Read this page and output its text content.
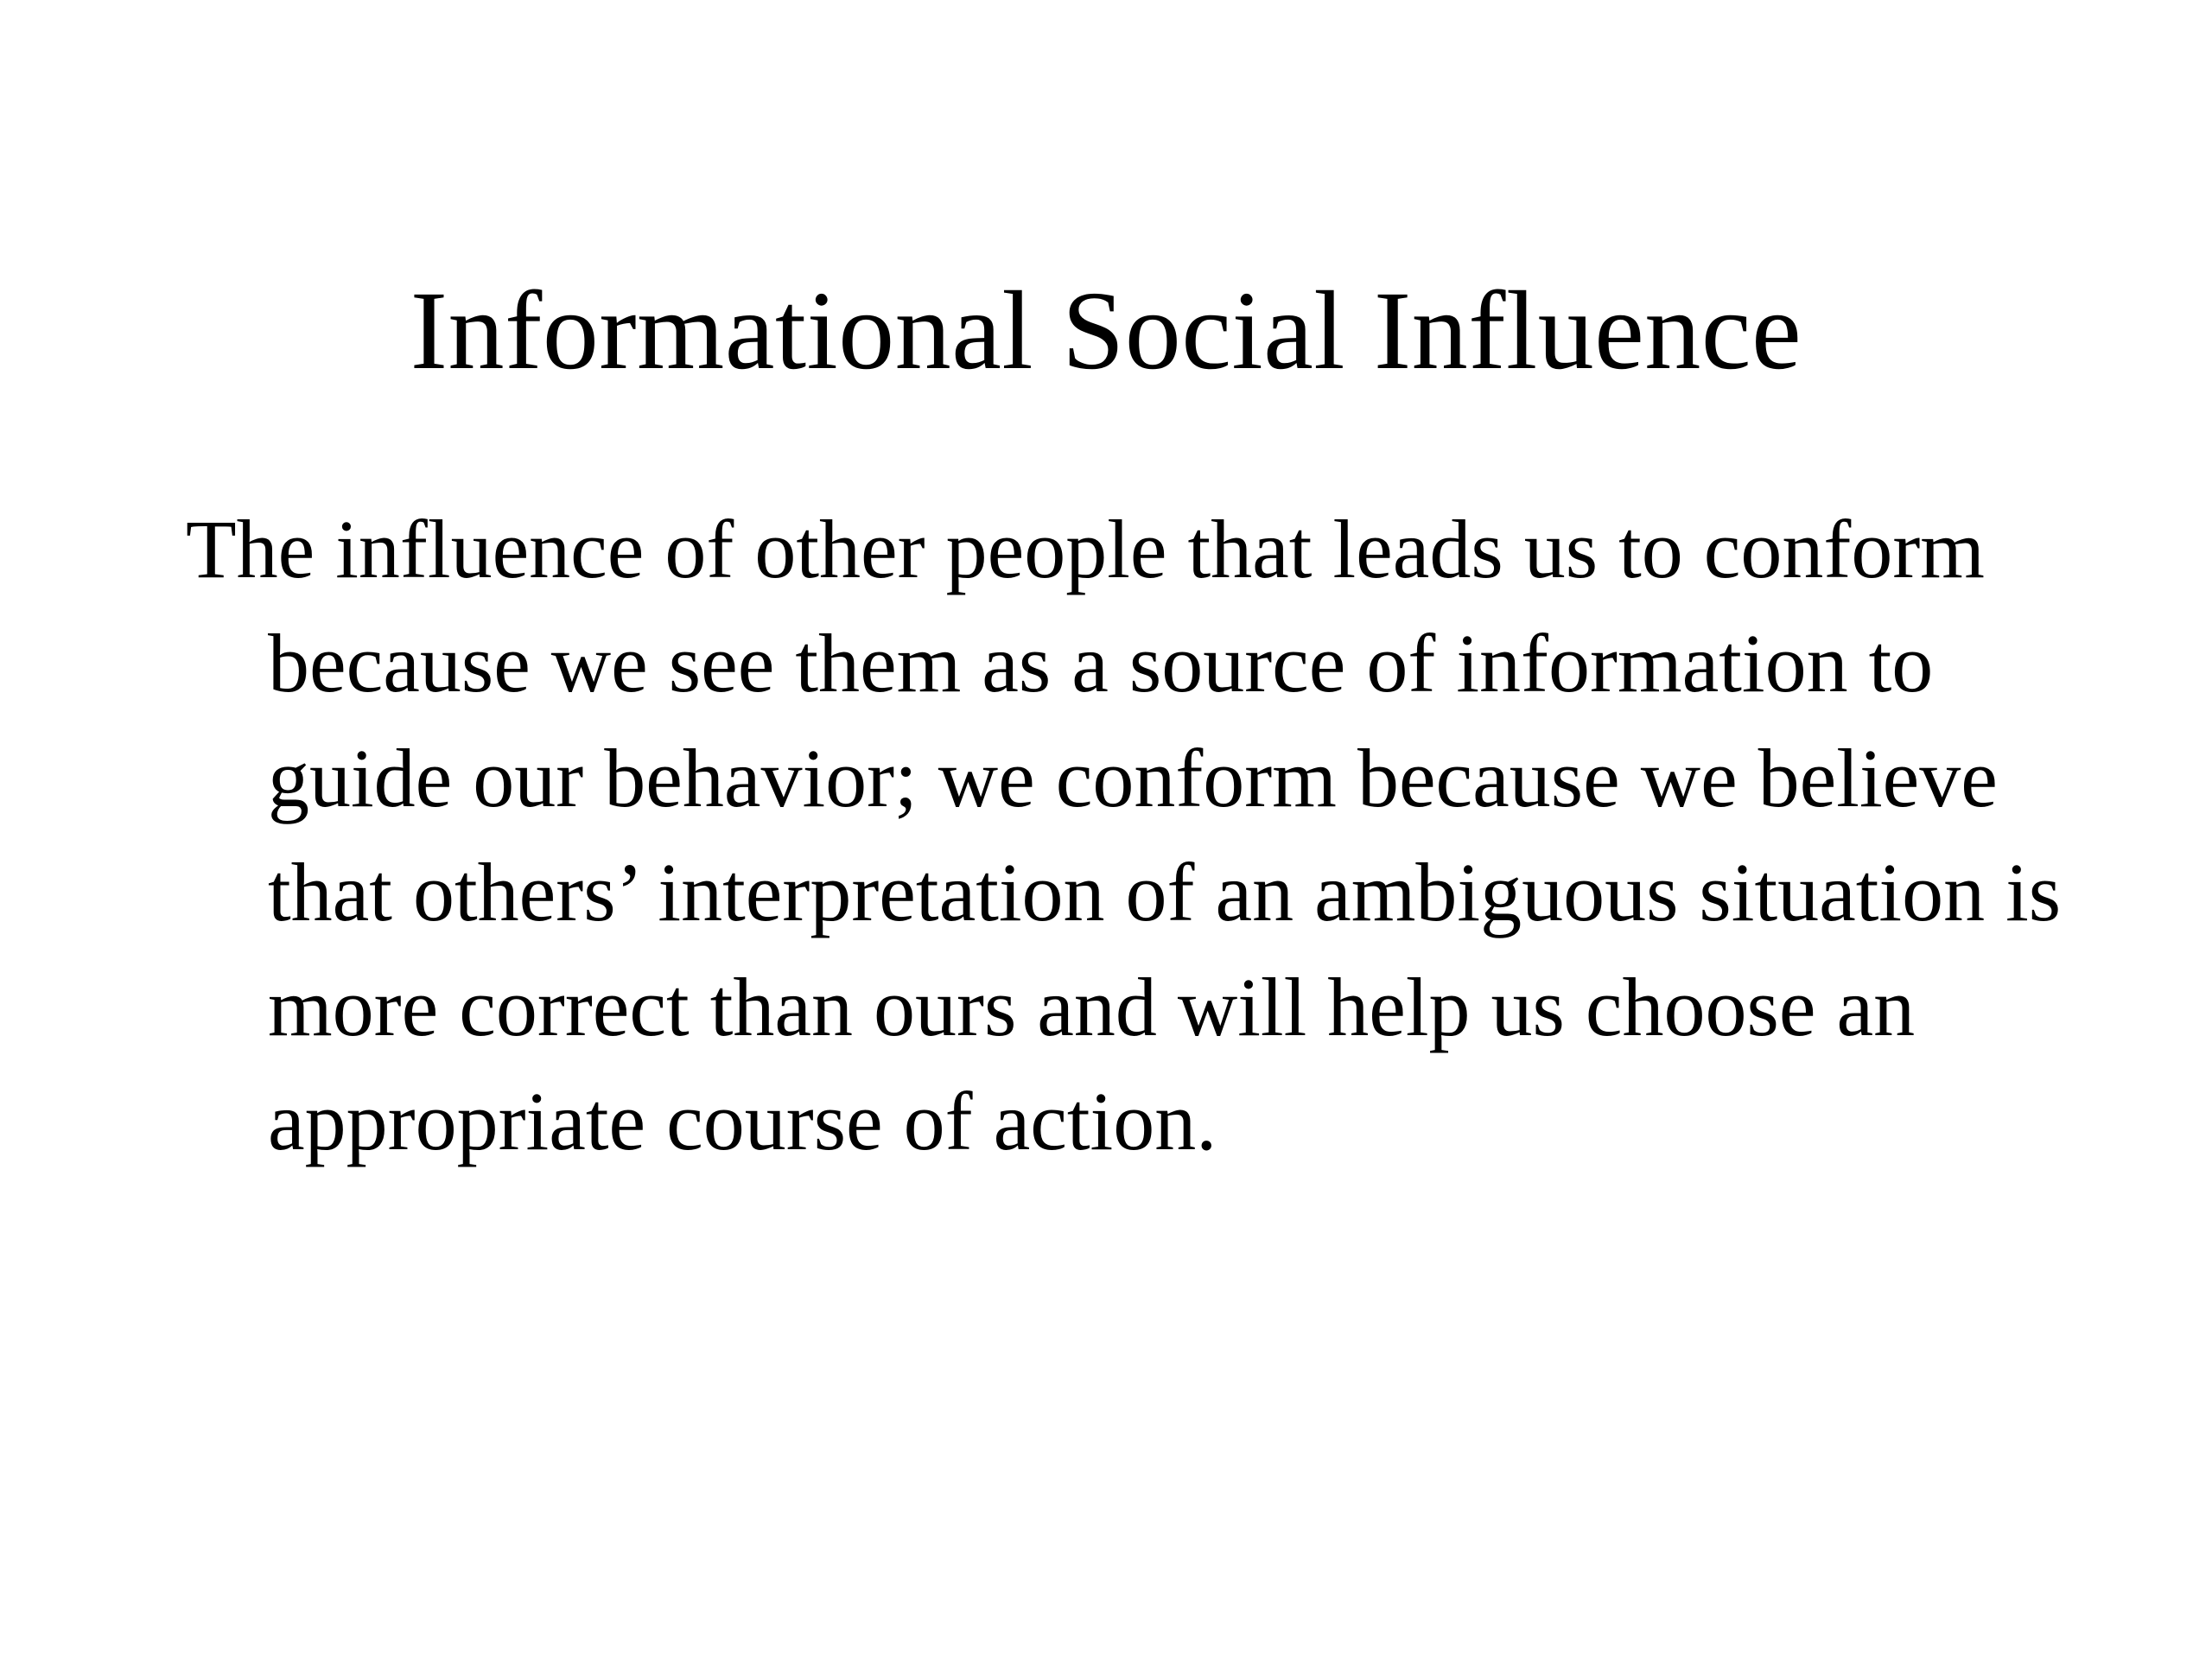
Informational Social Influence

The influence of other people that leads us to conform because we see them as a source of information to guide our behavior; we conform because we believe that others’ interpretation of an ambiguous situation is more correct than ours and will help us choose an appropriate course of action.
